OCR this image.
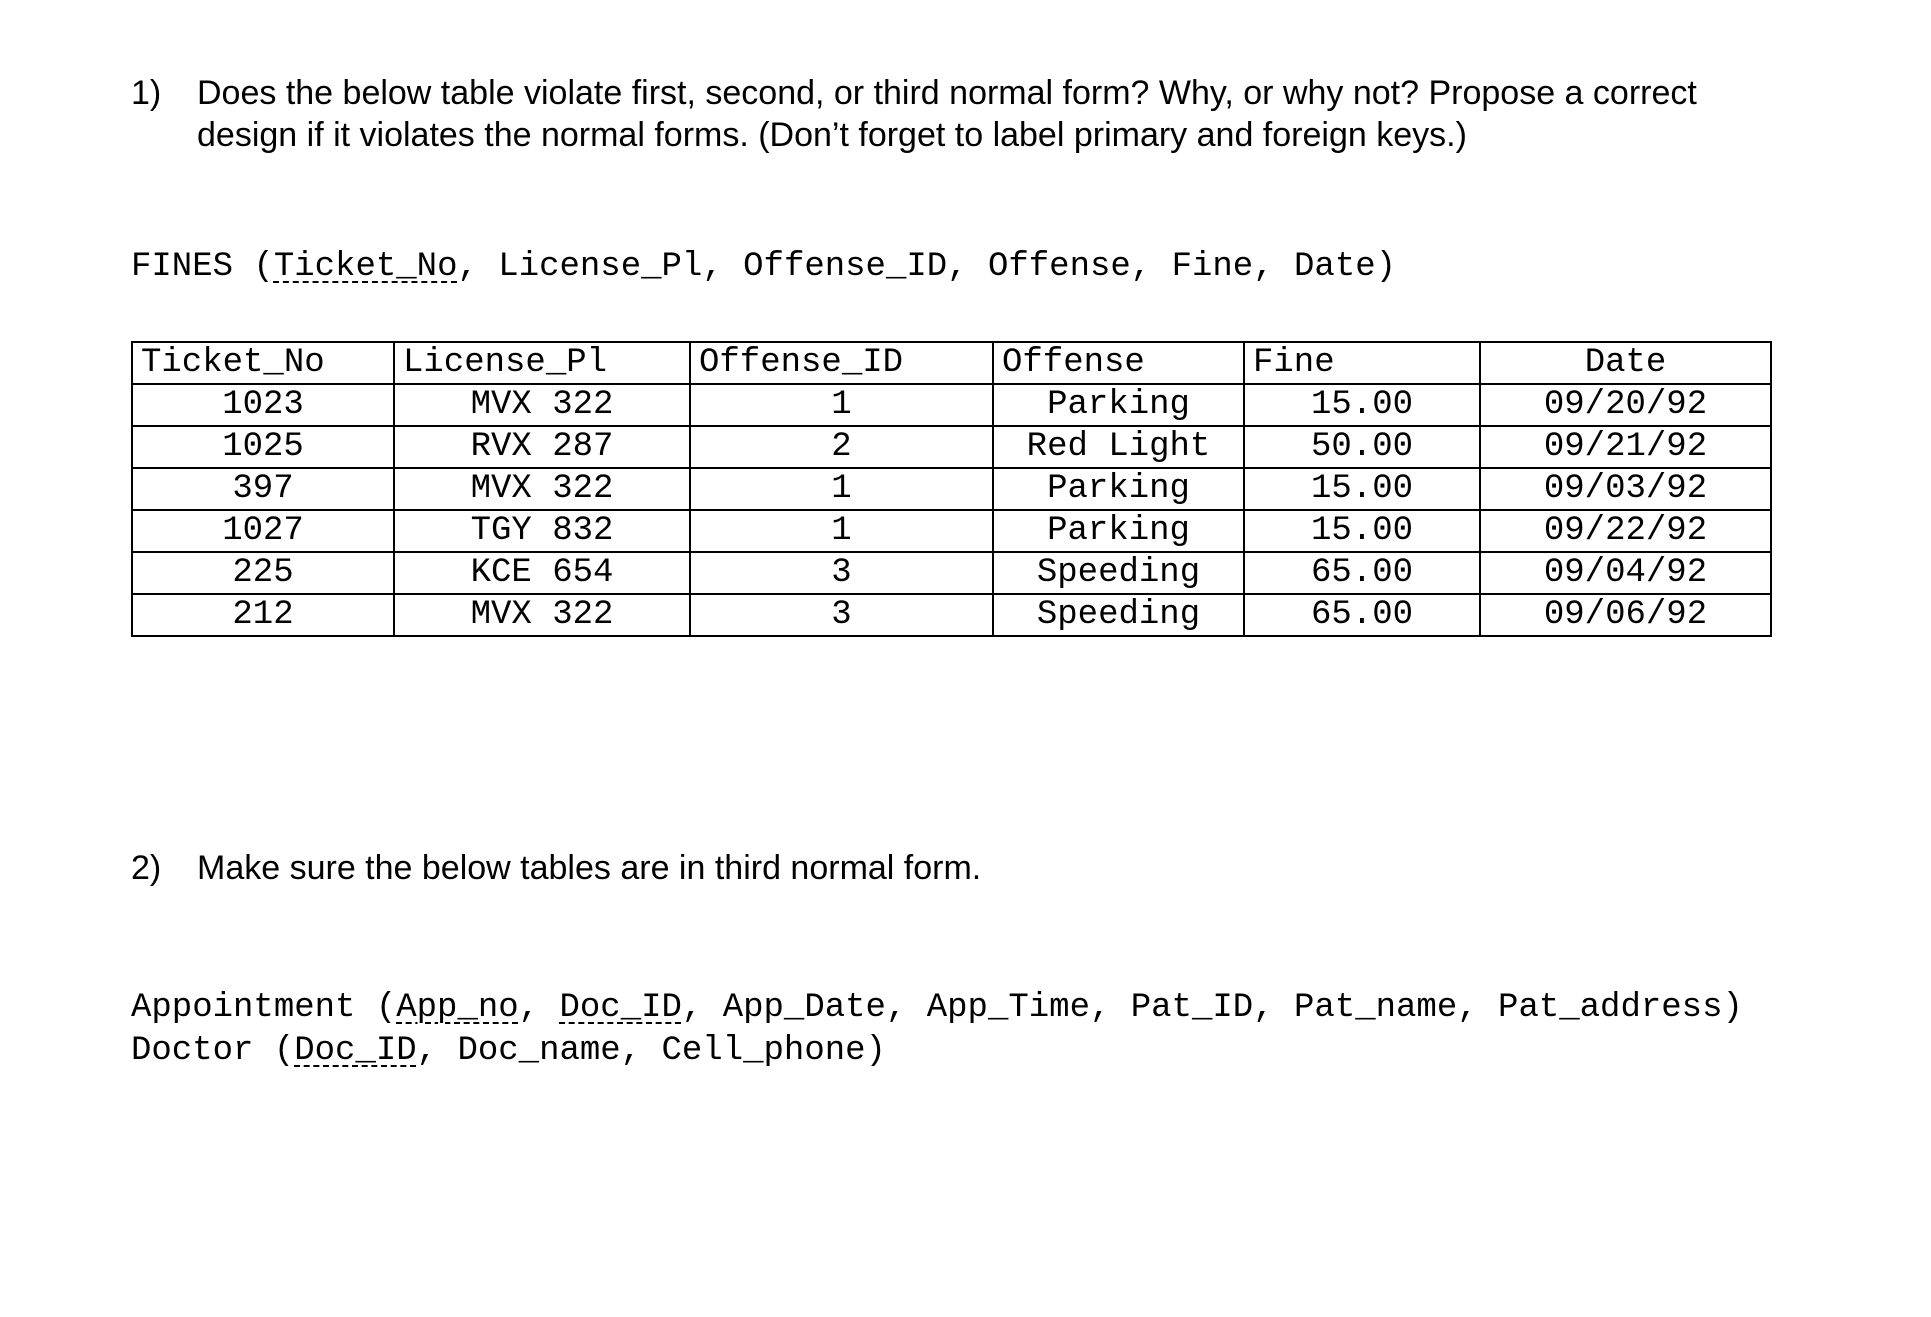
1)	Does the below table violate first, second, or third normal form? Why, or why not? Propose a correct
design if it violates the normal forms. (Don’t forget to label primary and foreign keys.)
FINES (Ticket_No, License_Pl, Offense_ID, Offense, Fine, Date)
Ticket_No	License_Pl	Offense_ID	Offense	Fine	Date
1023	MVX 322	1	Parking	15.00	09/20/92
1025	RVX 287	2	Red Light	50.00	09/21/92
397	MVX 322	1	Parking	15.00	09/03/92
1027	TGY 832	1	Parking	15.00	09/22/92
225	KCE 654	3	Speeding	65.00	09/04/92
212	MVX 322	3	Speeding	65.00	09/06/92
2)	Make sure the below tables are in third normal form.
Appointment (App_no, Doc_ID, App_Date, App_Time, Pat_ID, Pat_name, Pat_address)
Doctor (Doc_ID, Doc_name, Cell_phone)
